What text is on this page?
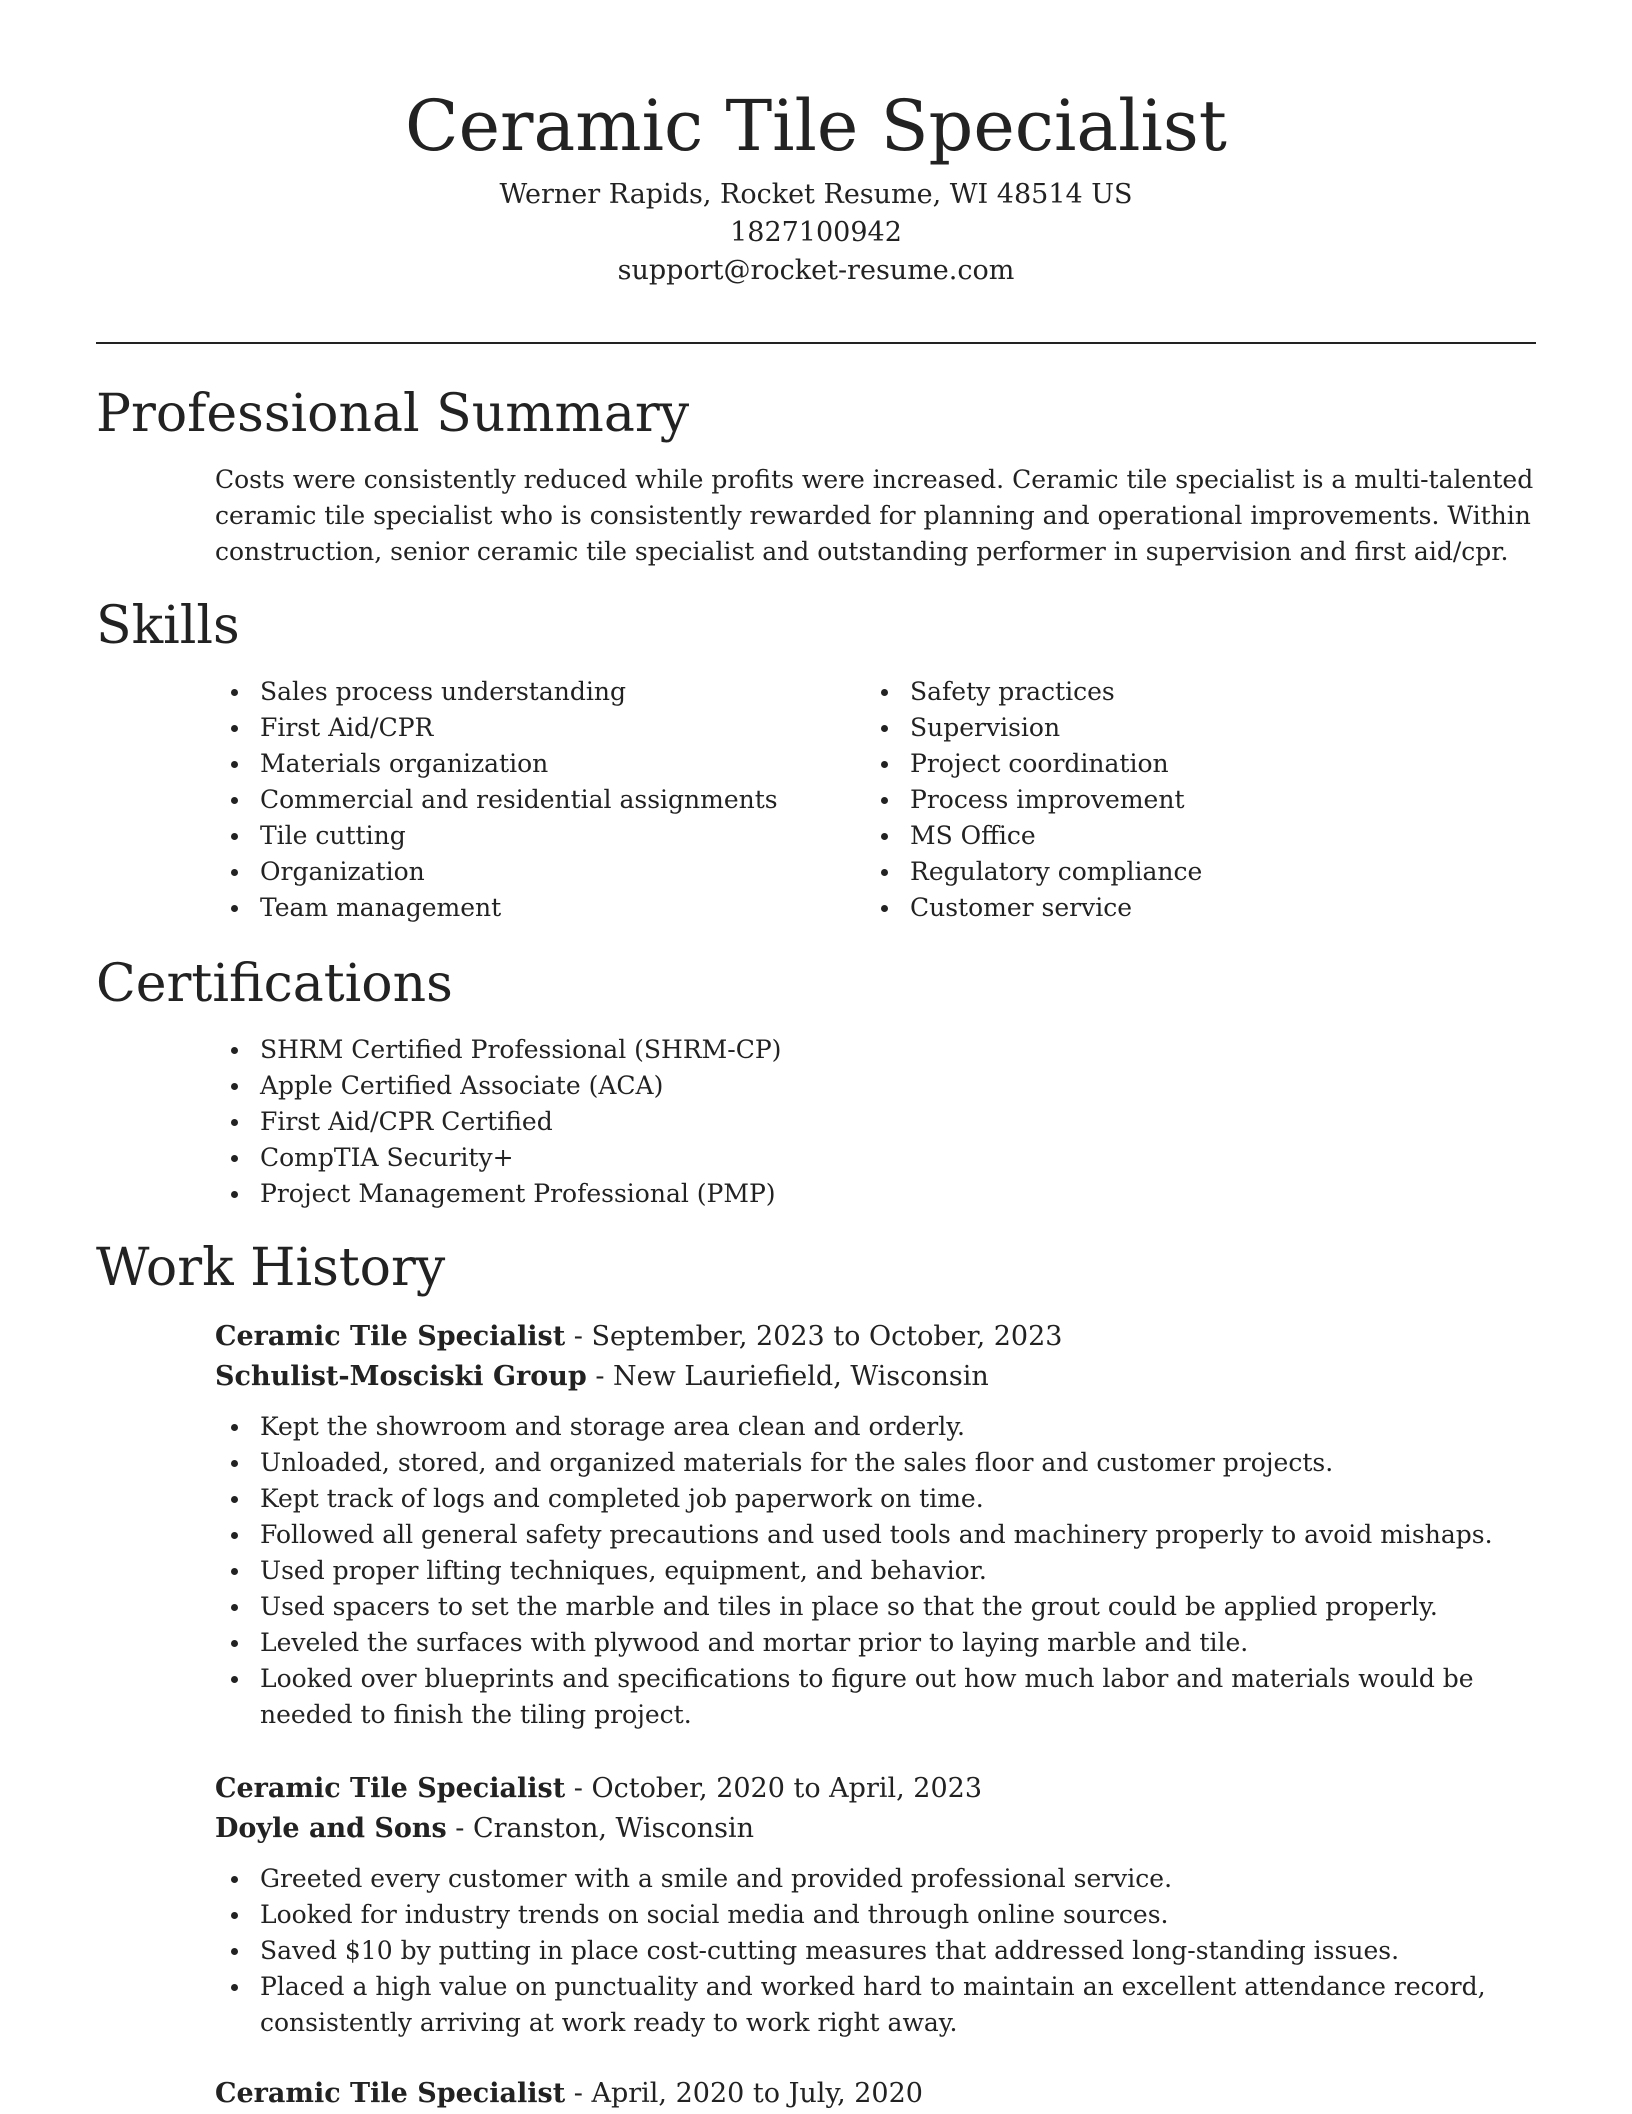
Ceramic Tile Specialist

Werner Rapids, Rocket Resume, WI 48514 US

1827100942

support@rocket-resume.com

Professional Summary

Costs were consistently reduced while profits were increased. Ceramic tile specialist is a multi-talented ceramic tile specialist who is consistently rewarded for planning and operational improvements. Within construction, senior ceramic tile specialist and outstanding performer in supervision and first aid/cpr.

Skills
Sales process understanding
First Aid/CPR
Materials organization
Commercial and residential assignments
Tile cutting
Organization
Team management
Safety practices
Supervision
Project coordination
Process improvement
MS Office
Regulatory compliance
Customer service
Certifications
SHRM Certified Professional (SHRM-CP)
Apple Certified Associate (ACA)
First Aid/CPR Certified
CompTIA Security+
Project Management Professional (PMP)
Work History

Ceramic Tile Specialist - September, 2023 to October, 2023

Schulist-Mosciski Group - New Lauriefield, Wisconsin

Kept the showroom and storage area clean and orderly.
Unloaded, stored, and organized materials for the sales floor and customer projects.
Kept track of logs and completed job paperwork on time.
Followed all general safety precautions and used tools and machinery properly to avoid mishaps.
Used proper lifting techniques, equipment, and behavior.
Used spacers to set the marble and tiles in place so that the grout could be applied properly.
Leveled the surfaces with plywood and mortar prior to laying marble and tile.
Looked over blueprints and specifications to figure out how much labor and materials would be needed to finish the tiling project.

Ceramic Tile Specialist - October, 2020 to April, 2023

Doyle and Sons - Cranston, Wisconsin

Greeted every customer with a smile and provided professional service.
Looked for industry trends on social media and through online sources.
Saved $10 by putting in place cost-cutting measures that addressed long-standing issues.
Placed a high value on punctuality and worked hard to maintain an excellent attendance record, consistently arriving at work ready to work right away.

Ceramic Tile Specialist - April, 2020 to July, 2020
